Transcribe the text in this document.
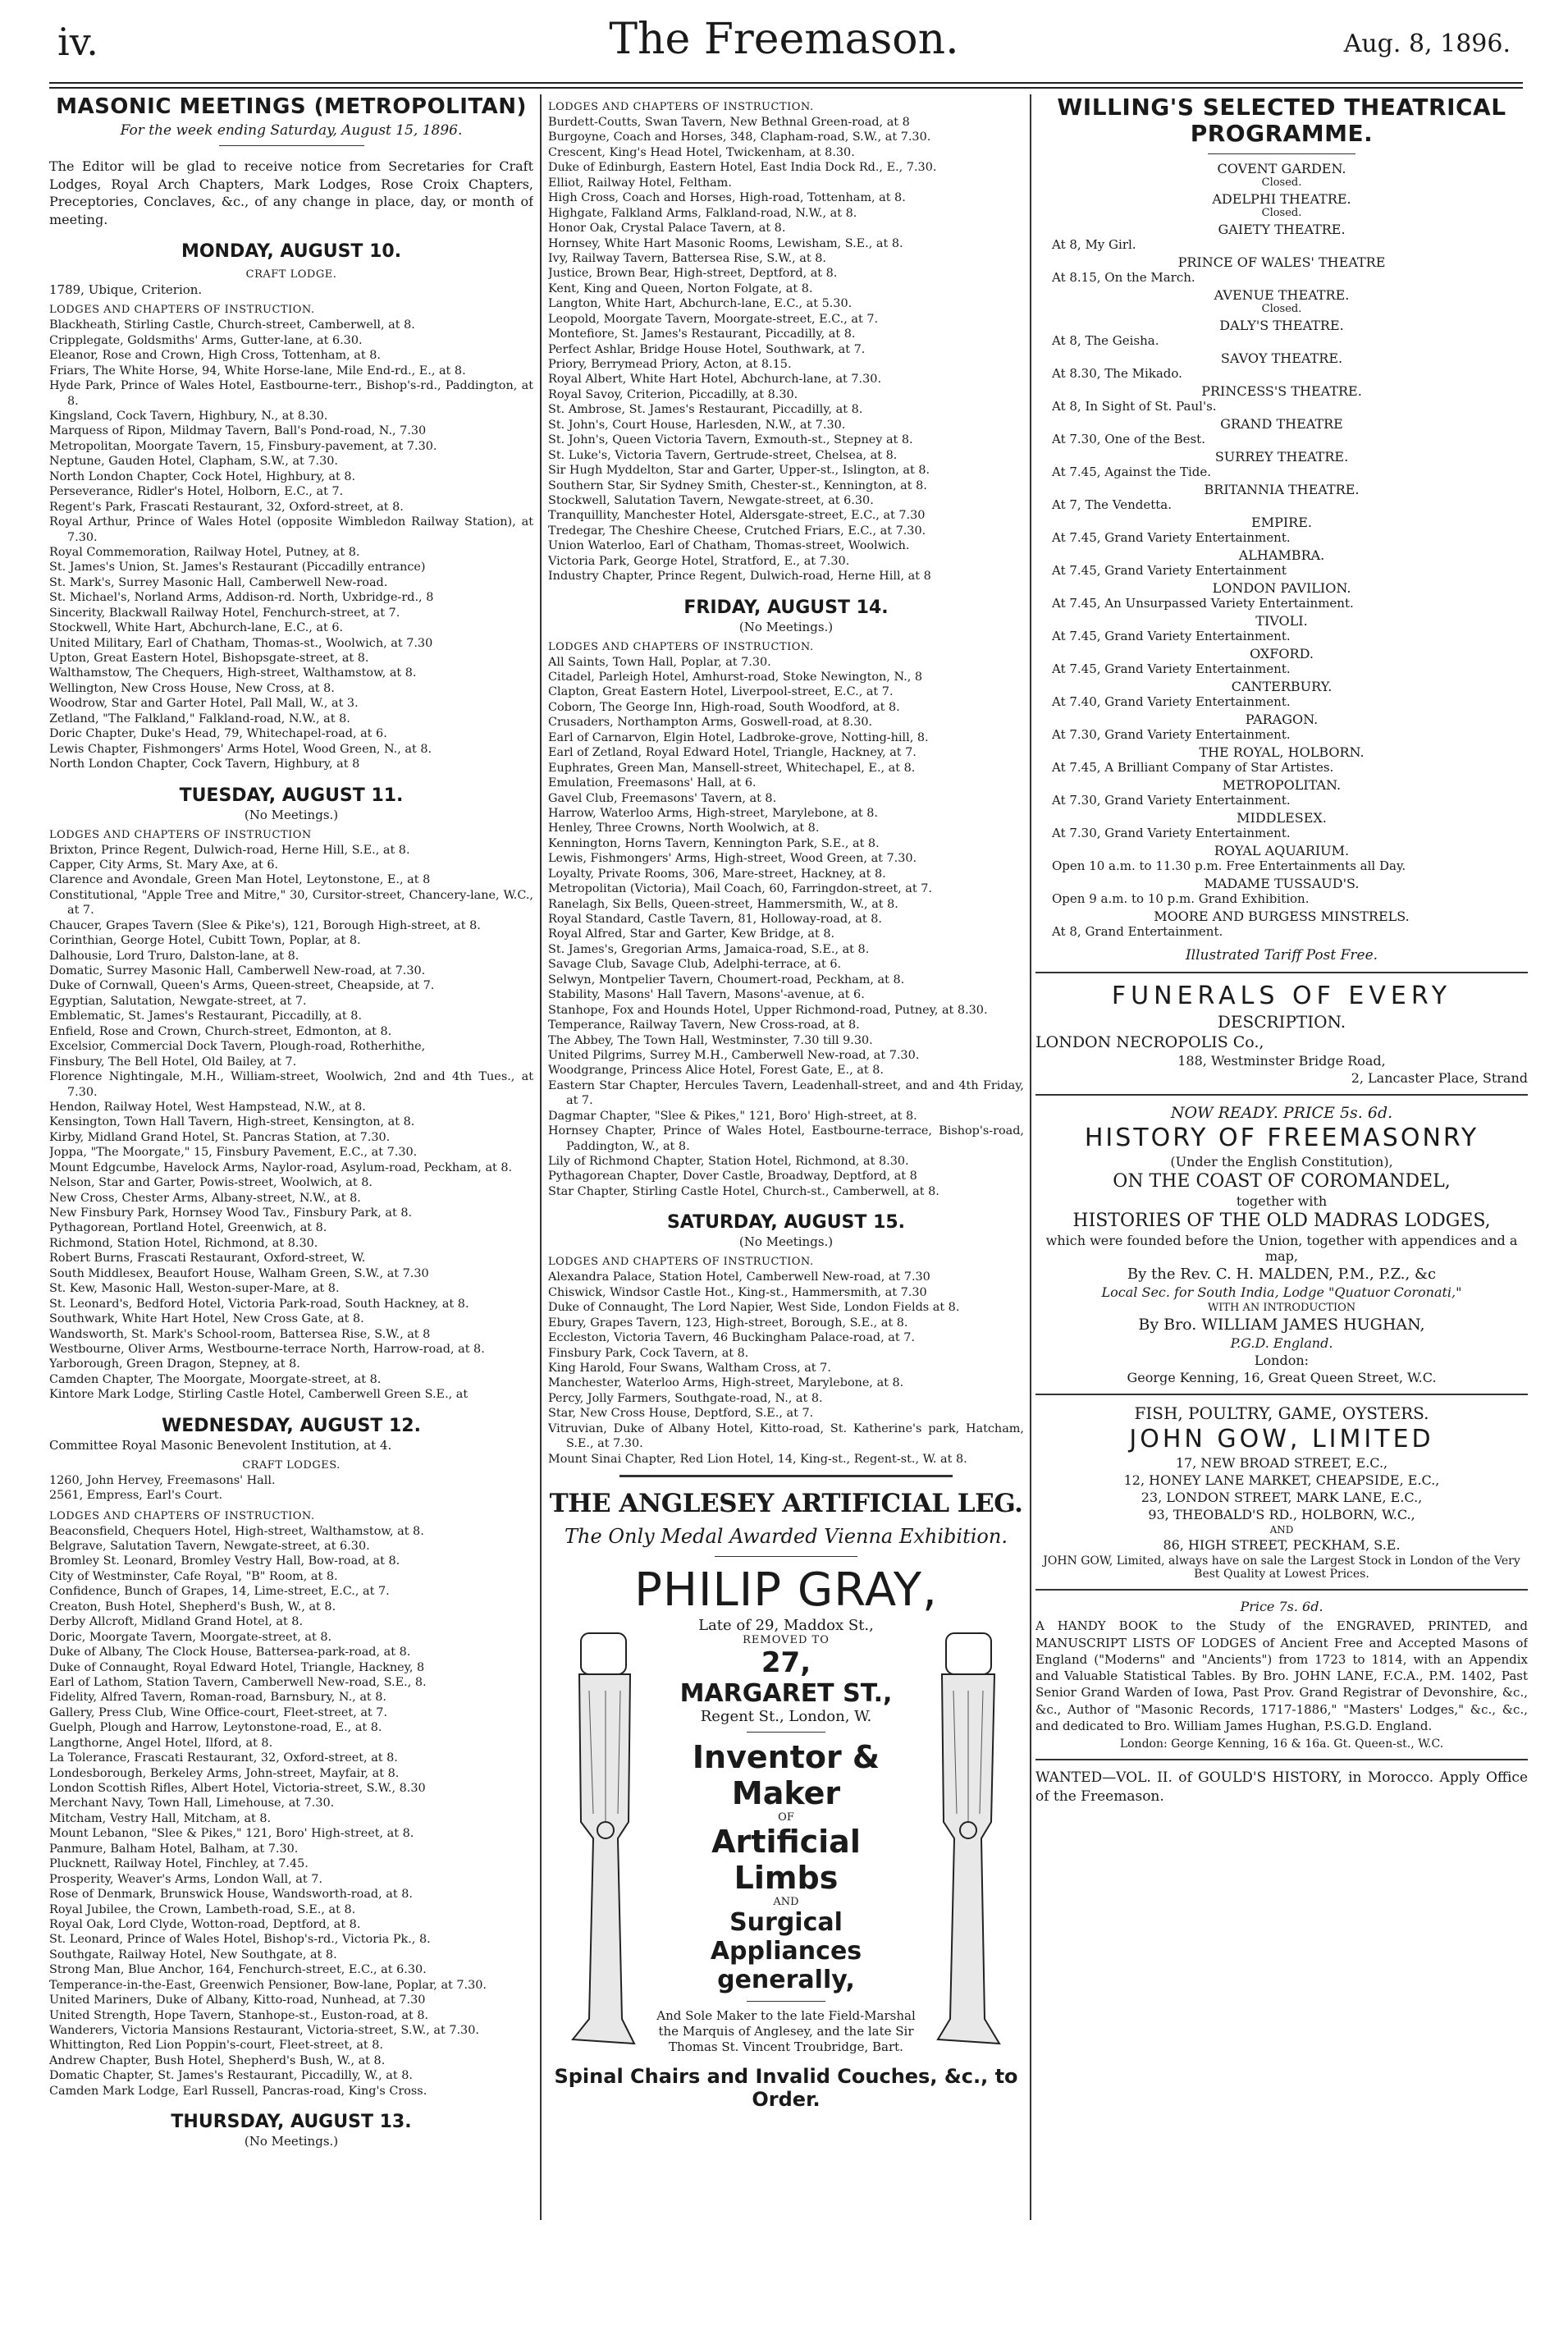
iv.	The Freemason.	Aug. 8, 1896.
MASONIC MEETINGS (METROPOLITAN)
For the week ending Saturday, August 15, 1896.

The Editor will be glad to receive notice from Secretaries for Craft Lodges, Royal Arch Chapters, Mark Lodges, Rose Croix Chapters, Preceptories, Conclaves, &c., of any change in place, day, or month of meeting.

MONDAY, AUGUST 10.
CRAFT LODGE.

1789, Ubique, Criterion.

LODGES AND CHAPTERS OF INSTRUCTION.

Blackheath, Stirling Castle, Church-street, Camberwell, at 8.

Cripplegate, Goldsmiths' Arms, Gutter-lane, at 6.30.

Eleanor, Rose and Crown, High Cross, Tottenham, at 8.

Friars, The White Horse, 94, White Horse-lane, Mile End-rd., E., at 8.

Hyde Park, Prince of Wales Hotel, Eastbourne-terr., Bishop's-rd., Paddington, at 8.

Kingsland, Cock Tavern, Highbury, N., at 8.30.

Marquess of Ripon, Mildmay Tavern, Ball's Pond-road, N., 7.30

Metropolitan, Moorgate Tavern, 15, Finsbury-pavement, at 7.30.

Neptune, Gauden Hotel, Clapham, S.W., at 7.30.

North London Chapter, Cock Hotel, Highbury, at 8.

Perseverance, Ridler's Hotel, Holborn, E.C., at 7.

Regent's Park, Frascati Restaurant, 32, Oxford-street, at 8.

Royal Arthur, Prince of Wales Hotel (opposite Wimbledon Railway Station), at 7.30.

Royal Commemoration, Railway Hotel, Putney, at 8.

St. James's Union, St. James's Restaurant (Piccadilly entrance)

St. Mark's, Surrey Masonic Hall, Camberwell New-road.

St. Michael's, Norland Arms, Addison-rd. North, Uxbridge-rd., 8

Sincerity, Blackwall Railway Hotel, Fenchurch-street, at 7.

Stockwell, White Hart, Abchurch-lane, E.C., at 6.

United Military, Earl of Chatham, Thomas-st., Woolwich, at 7.30

Upton, Great Eastern Hotel, Bishopsgate-street, at 8.

Walthamstow, The Chequers, High-street, Walthamstow, at 8.

Wellington, New Cross House, New Cross, at 8.

Woodrow, Star and Garter Hotel, Pall Mall, W., at 3.

Zetland, "The Falkland," Falkland-road, N.W., at 8.

Doric Chapter, Duke's Head, 79, Whitechapel-road, at 6.

Lewis Chapter, Fishmongers' Arms Hotel, Wood Green, N., at 8.

North London Chapter, Cock Tavern, Highbury, at 8

TUESDAY, AUGUST 11.
(No Meetings.)
LODGES AND CHAPTERS OF INSTRUCTION

Brixton, Prince Regent, Dulwich-road, Herne Hill, S.E., at 8.

Capper, City Arms, St. Mary Axe, at 6.

Clarence and Avondale, Green Man Hotel, Leytonstone, E., at 8

Constitutional, "Apple Tree and Mitre," 30, Cursitor-street, Chancery-lane, W.C., at 7.

Chaucer, Grapes Tavern (Slee & Pike's), 121, Borough High-street, at 8.

Corinthian, George Hotel, Cubitt Town, Poplar, at 8.

Dalhousie, Lord Truro, Dalston-lane, at 8.

Domatic, Surrey Masonic Hall, Camberwell New-road, at 7.30.

Duke of Cornwall, Queen's Arms, Queen-street, Cheapside, at 7.

Egyptian, Salutation, Newgate-street, at 7.

Emblematic, St. James's Restaurant, Piccadilly, at 8.

Enfield, Rose and Crown, Church-street, Edmonton, at 8.

Excelsior, Commercial Dock Tavern, Plough-road, Rotherhithe,

Finsbury, The Bell Hotel, Old Bailey, at 7.

Florence Nightingale, M.H., William-street, Woolwich, 2nd and 4th Tues., at 7.30.

Hendon, Railway Hotel, West Hampstead, N.W., at 8.

Kensington, Town Hall Tavern, High-street, Kensington, at 8.

Kirby, Midland Grand Hotel, St. Pancras Station, at 7.30.

Joppa, "The Moorgate," 15, Finsbury Pavement, E.C., at 7.30.

Mount Edgcumbe, Havelock Arms, Naylor-road, Asylum-road, Peckham, at 8.

Nelson, Star and Garter, Powis-street, Woolwich, at 8.

New Cross, Chester Arms, Albany-street, N.W., at 8.

New Finsbury Park, Hornsey Wood Tav., Finsbury Park, at 8.

Pythagorean, Portland Hotel, Greenwich, at 8.

Richmond, Station Hotel, Richmond, at 8.30.

Robert Burns, Frascati Restaurant, Oxford-street, W.

South Middlesex, Beaufort House, Walham Green, S.W., at 7.30

St. Kew, Masonic Hall, Weston-super-Mare, at 8.

St. Leonard's, Bedford Hotel, Victoria Park-road, South Hackney, at 8.

Southwark, White Hart Hotel, New Cross Gate, at 8.

Wandsworth, St. Mark's School-room, Battersea Rise, S.W., at 8

Westbourne, Oliver Arms, Westbourne-terrace North, Harrow-road, at 8.

Yarborough, Green Dragon, Stepney, at 8.

Camden Chapter, The Moorgate, Moorgate-street, at 8.

Kintore Mark Lodge, Stirling Castle Hotel, Camberwell Green S.E., at

WEDNESDAY, AUGUST 12.

Committee Royal Masonic Benevolent Institution, at 4.

CRAFT LODGES.

1260, John Hervey, Freemasons' Hall.

2561, Empress, Earl's Court.

LODGES AND CHAPTERS OF INSTRUCTION.

Beaconsfield, Chequers Hotel, High-street, Walthamstow, at 8.

Belgrave, Salutation Tavern, Newgate-street, at 6.30.

Bromley St. Leonard, Bromley Vestry Hall, Bow-road, at 8.

City of Westminster, Cafe Royal, "B" Room, at 8.

Confidence, Bunch of Grapes, 14, Lime-street, E.C., at 7.

Creaton, Bush Hotel, Shepherd's Bush, W., at 8.

Derby Allcroft, Midland Grand Hotel, at 8.

Doric, Moorgate Tavern, Moorgate-street, at 8.

Duke of Albany, The Clock House, Battersea-park-road, at 8.

Duke of Connaught, Royal Edward Hotel, Triangle, Hackney, 8

Earl of Lathom, Station Tavern, Camberwell New-road, S.E., 8.

Fidelity, Alfred Tavern, Roman-road, Barnsbury, N., at 8.

Gallery, Press Club, Wine Office-court, Fleet-street, at 7.

Guelph, Plough and Harrow, Leytonstone-road, E., at 8.

Langthorne, Angel Hotel, Ilford, at 8.

La Tolerance, Frascati Restaurant, 32, Oxford-street, at 8.

Londesborough, Berkeley Arms, John-street, Mayfair, at 8.

London Scottish Rifles, Albert Hotel, Victoria-street, S.W., 8.30

Merchant Navy, Town Hall, Limehouse, at 7.30.

Mitcham, Vestry Hall, Mitcham, at 8.

Mount Lebanon, "Slee & Pikes," 121, Boro' High-street, at 8.

Panmure, Balham Hotel, Balham, at 7.30.

Plucknett, Railway Hotel, Finchley, at 7.45.

Prosperity, Weaver's Arms, London Wall, at 7.

Rose of Denmark, Brunswick House, Wandsworth-road, at 8.

Royal Jubilee, the Crown, Lambeth-road, S.E., at 8.

Royal Oak, Lord Clyde, Wotton-road, Deptford, at 8.

St. Leonard, Prince of Wales Hotel, Bishop's-rd., Victoria Pk., 8.

Southgate, Railway Hotel, New Southgate, at 8.

Strong Man, Blue Anchor, 164, Fenchurch-street, E.C., at 6.30.

Temperance-in-the-East, Greenwich Pensioner, Bow-lane, Poplar, at 7.30.

United Mariners, Duke of Albany, Kitto-road, Nunhead, at 7.30

United Strength, Hope Tavern, Stanhope-st., Euston-road, at 8.

Wanderers, Victoria Mansions Restaurant, Victoria-street, S.W., at 7.30.

Whittington, Red Lion Poppin's-court, Fleet-street, at 8.

Andrew Chapter, Bush Hotel, Shepherd's Bush, W., at 8.

Domatic Chapter, St. James's Restaurant, Piccadilly, W., at 8.

Camden Mark Lodge, Earl Russell, Pancras-road, King's Cross.

THURSDAY, AUGUST 13.
(No Meetings.)
LODGES AND CHAPTERS OF INSTRUCTION.

Burdett-Coutts, Swan Tavern, New Bethnal Green-road, at 8

Burgoyne, Coach and Horses, 348, Clapham-road, S.W., at 7.30.

Crescent, King's Head Hotel, Twickenham, at 8.30.

Duke of Edinburgh, Eastern Hotel, East India Dock Rd., E., 7.30.

Elliot, Railway Hotel, Feltham.

High Cross, Coach and Horses, High-road, Tottenham, at 8.

Highgate, Falkland Arms, Falkland-road, N.W., at 8.

Honor Oak, Crystal Palace Tavern, at 8.

Hornsey, White Hart Masonic Rooms, Lewisham, S.E., at 8.

Ivy, Railway Tavern, Battersea Rise, S.W., at 8.

Justice, Brown Bear, High-street, Deptford, at 8.

Kent, King and Queen, Norton Folgate, at 8.

Langton, White Hart, Abchurch-lane, E.C., at 5.30.

Leopold, Moorgate Tavern, Moorgate-street, E.C., at 7.

Montefiore, St. James's Restaurant, Piccadilly, at 8.

Perfect Ashlar, Bridge House Hotel, Southwark, at 7.

Priory, Berrymead Priory, Acton, at 8.15.

Royal Albert, White Hart Hotel, Abchurch-lane, at 7.30.

Royal Savoy, Criterion, Piccadilly, at 8.30.

St. Ambrose, St. James's Restaurant, Piccadilly, at 8.

St. John's, Court House, Harlesden, N.W., at 7.30.

St. John's, Queen Victoria Tavern, Exmouth-st., Stepney at 8.

St. Luke's, Victoria Tavern, Gertrude-street, Chelsea, at 8.

Sir Hugh Myddelton, Star and Garter, Upper-st., Islington, at 8.

Southern Star, Sir Sydney Smith, Chester-st., Kennington, at 8.

Stockwell, Salutation Tavern, Newgate-street, at 6.30.

Tranquillity, Manchester Hotel, Aldersgate-street, E.C., at 7.30

Tredegar, The Cheshire Cheese, Crutched Friars, E.C., at 7.30.

Union Waterloo, Earl of Chatham, Thomas-street, Woolwich.

Victoria Park, George Hotel, Stratford, E., at 7.30.

Industry Chapter, Prince Regent, Dulwich-road, Herne Hill, at 8

FRIDAY, AUGUST 14.
(No Meetings.)
LODGES AND CHAPTERS OF INSTRUCTION.

All Saints, Town Hall, Poplar, at 7.30.

Citadel, Parleigh Hotel, Amhurst-road, Stoke Newington, N., 8

Clapton, Great Eastern Hotel, Liverpool-street, E.C., at 7.

Coborn, The George Inn, High-road, South Woodford, at 8.

Crusaders, Northampton Arms, Goswell-road, at 8.30.

Earl of Carnarvon, Elgin Hotel, Ladbroke-grove, Notting-hill, 8.

Earl of Zetland, Royal Edward Hotel, Triangle, Hackney, at 7.

Euphrates, Green Man, Mansell-street, Whitechapel, E., at 8.

Emulation, Freemasons' Hall, at 6.

Gavel Club, Freemasons' Tavern, at 8.

Harrow, Waterloo Arms, High-street, Marylebone, at 8.

Henley, Three Crowns, North Woolwich, at 8.

Kennington, Horns Tavern, Kennington Park, S.E., at 8.

Lewis, Fishmongers' Arms, High-street, Wood Green, at 7.30.

Loyalty, Private Rooms, 306, Mare-street, Hackney, at 8.

Metropolitan (Victoria), Mail Coach, 60, Farringdon-street, at 7.

Ranelagh, Six Bells, Queen-street, Hammersmith, W., at 8.

Royal Standard, Castle Tavern, 81, Holloway-road, at 8.

Royal Alfred, Star and Garter, Kew Bridge, at 8.

St. James's, Gregorian Arms, Jamaica-road, S.E., at 8.

Savage Club, Savage Club, Adelphi-terrace, at 6.

Selwyn, Montpelier Tavern, Choumert-road, Peckham, at 8.

Stability, Masons' Hall Tavern, Masons'-avenue, at 6.

Stanhope, Fox and Hounds Hotel, Upper Richmond-road, Putney, at 8.30.

Temperance, Railway Tavern, New Cross-road, at 8.

The Abbey, The Town Hall, Westminster, 7.30 till 9.30.

United Pilgrims, Surrey M.H., Camberwell New-road, at 7.30.

Woodgrange, Princess Alice Hotel, Forest Gate, E., at 8.

Eastern Star Chapter, Hercules Tavern, Leadenhall-street, and and 4th Friday, at 7.

Dagmar Chapter, "Slee & Pikes," 121, Boro' High-street, at 8.

Hornsey Chapter, Prince of Wales Hotel, Eastbourne-terrace, Bishop's-road, Paddington, W., at 8.

Lily of Richmond Chapter, Station Hotel, Richmond, at 8.30.

Pythagorean Chapter, Dover Castle, Broadway, Deptford, at 8

Star Chapter, Stirling Castle Hotel, Church-st., Camberwell, at 8.

SATURDAY, AUGUST 15.
(No Meetings.)
LODGES AND CHAPTERS OF INSTRUCTION.

Alexandra Palace, Station Hotel, Camberwell New-road, at 7.30

Chiswick, Windsor Castle Hot., King-st., Hammersmith, at 7.30

Duke of Connaught, The Lord Napier, West Side, London Fields at 8.

Ebury, Grapes Tavern, 123, High-street, Borough, S.E., at 8.

Eccleston, Victoria Tavern, 46 Buckingham Palace-road, at 7.

Finsbury Park, Cock Tavern, at 8.

King Harold, Four Swans, Waltham Cross, at 7.

Manchester, Waterloo Arms, High-street, Marylebone, at 8.

Percy, Jolly Farmers, Southgate-road, N., at 8.

Star, New Cross House, Deptford, S.E., at 7.

Vitruvian, Duke of Albany Hotel, Kitto-road, St. Katherine's park, Hatcham, S.E., at 7.30.

Mount Sinai Chapter, Red Lion Hotel, 14, King-st., Regent-st., W. at 8.

THE ANGLESEY ARTIFICIAL LEG.
The Only Medal Awarded Vienna Exhibition.
PHILIP GRAY,
Late of 29, Maddox St.,
REMOVED TO
27,
MARGARET ST.,
Regent St., London, W.
Inventor & Maker
OF
Artificial Limbs
AND
Surgical Appliances
generally,
And Sole Maker to the late Field-Marshal the Marquis of Anglesey, and the late Sir Thomas St. Vincent Troubridge, Bart.
Spinal Chairs and Invalid Couches, &c., to Order.
WILLING'S SELECTED THEATRICAL PROGRAMME.
COVENT GARDEN.
Closed.
ADELPHI THEATRE.
Closed.
GAIETY THEATRE.
At 8, My Girl.
PRINCE OF WALES' THEATRE
At 8.15, On the March.
AVENUE THEATRE.
Closed.
DALY'S THEATRE.
At 8, The Geisha.
SAVOY THEATRE.
At 8.30, The Mikado.
PRINCESS'S THEATRE.
At 8, In Sight of St. Paul's.
GRAND THEATRE
At 7.30, One of the Best.
SURREY THEATRE.
At 7.45, Against the Tide.
BRITANNIA THEATRE.
At 7, The Vendetta.
EMPIRE.
At 7.45, Grand Variety Entertainment.
ALHAMBRA.
At 7.45, Grand Variety Entertainment
LONDON PAVILION.
At 7.45, An Unsurpassed Variety Entertainment.
TIVOLI.
At 7.45, Grand Variety Entertainment.
OXFORD.
At 7.45, Grand Variety Entertainment.
CANTERBURY.
At 7.40, Grand Variety Entertainment.
PARAGON.
At 7.30, Grand Variety Entertainment.
THE ROYAL, HOLBORN.
At 7.45, A Brilliant Company of Star Artistes.
METROPOLITAN.
At 7.30, Grand Variety Entertainment.
MIDDLESEX.
At 7.30, Grand Variety Entertainment.
ROYAL AQUARIUM.
Open 10 a.m. to 11.30 p.m. Free Entertainments all Day.
MADAME TUSSAUD'S.
Open 9 a.m. to 10 p.m. Grand Exhibition.
MOORE AND BURGESS MINSTRELS.
At 8, Grand Entertainment.
Illustrated Tariff Post Free.
FUNERALS OF EVERY
DESCRIPTION.
LONDON NECROPOLIS Co.,
188, Westminster Bridge Road,
2, Lancaster Place, Strand
NOW READY. PRICE 5s. 6d.
HISTORY OF FREEMASONRY
(Under the English Constitution),
ON THE COAST OF COROMANDEL,
together with
HISTORIES OF THE OLD MADRAS LODGES,
which were founded before the Union, together with appendices and a map,
By the Rev. C. H. MALDEN, P.M., P.Z., &c
Local Sec. for South India, Lodge "Quatuor Coronati,"
WITH AN INTRODUCTION
By Bro. WILLIAM JAMES HUGHAN,
P.G.D. England.
London:
George Kenning, 16, Great Queen Street, W.C.
FISH, POULTRY, GAME, OYSTERS.
JOHN GOW, LIMITED
17, NEW BROAD STREET, E.C.,
12, HONEY LANE MARKET, CHEAPSIDE, E.C.,
23, LONDON STREET, MARK LANE, E.C.,
93, THEOBALD'S RD., HOLBORN, W.C.,
AND
86, HIGH STREET, PECKHAM, S.E.
JOHN GOW, Limited, always have on sale the Largest Stock in London of the Very Best Quality at Lowest Prices.
Price 7s. 6d.

A HANDY BOOK to the Study of the ENGRAVED, PRINTED, and MANUSCRIPT LISTS OF LODGES of Ancient Free and Accepted Masons of England ("Moderns" and "Ancients") from 1723 to 1814, with an Appendix and Valuable Statistical Tables. By Bro. JOHN LANE, F.C.A., P.M. 1402, Past Senior Grand Warden of Iowa, Past Prov. Grand Registrar of Devonshire, &c., &c., Author of "Masonic Records, 1717-1886," "Masters' Lodges," &c., &c., and dedicated to Bro. William James Hughan, P.S.G.D. England.

London: George Kenning, 16 & 16a. Gt. Queen-st., W.C.

WANTED—VOL. II. of GOULD'S HISTORY, in Morocco. Apply Office of the Freemason.
